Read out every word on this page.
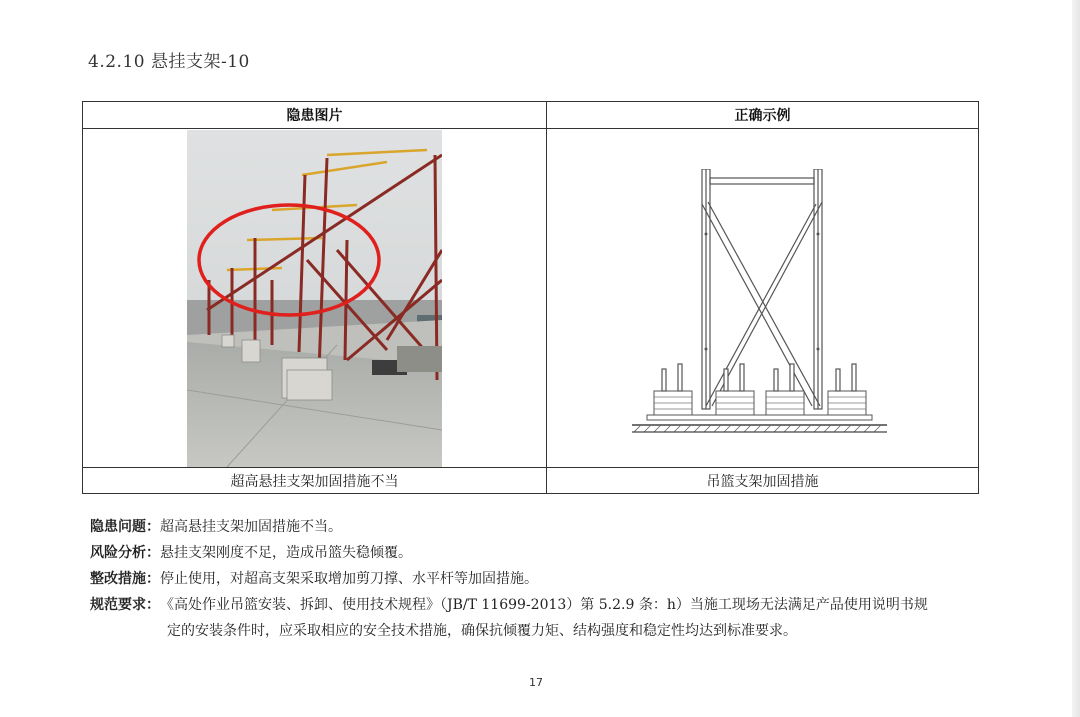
4.2.10 悬挂支架-10
隐患图片	正确示例

超高悬挂支架加固措施不当	吊篮支架加固措施
隐患问题： 超高悬挂支架加固措施不当。
风险分析： 悬挂支架刚度不足，造成吊篮失稳倾覆。
整改措施： 停止使用，对超高支架采取增加剪刀撑、水平杆等加固措施。
规范要求： 《高处作业吊篮安装、拆卸、使用技术规程》（JB/T 11699-2013）第 5.2.9 条：h）当施工现场无法满足产品使用说明书规
定的安装条件时，应采取相应的安全技术措施，确保抗倾覆力矩、结构强度和稳定性均达到标准要求。
17
